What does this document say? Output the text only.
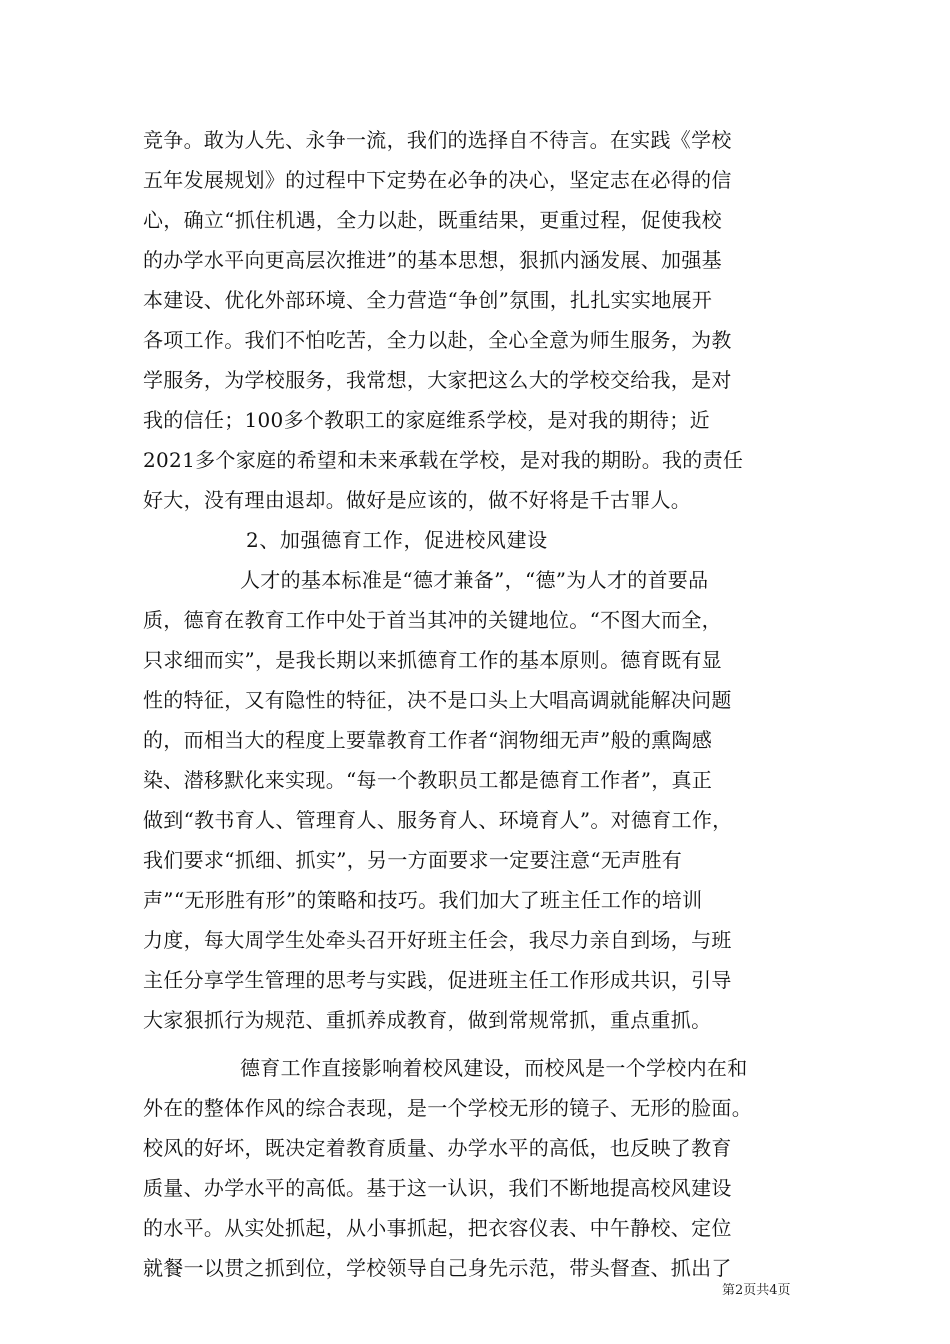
竞争。敢为人先、永争一流，我们的选择自不待言。在实践《学校
五年发展规划》的过程中下定势在必争的决心，坚定志在必得的信
心，确立“抓住机遇，全力以赴，既重结果，更重过程，促使我校
的办学水平向更高层次推进”的基本思想，狠抓内涵发展、加强基
本建设、优化外部环境、全力营造“争创”氛围，扎扎实实地展开
各项工作。我们不怕吃苦，全力以赴，全心全意为师生服务，为教
学服务，为学校服务，我常想，大家把这么大的学校交给我，是对
我的信任；100多个教职工的家庭维系学校，是对我的期待；近
2021多个家庭的希望和未来承载在学校，是对我的期盼。我的责任
好大，没有理由退却。做好是应该的，做不好将是千古罪人。
2、加强德育工作，促进校风建设
人才的基本标准是“德才兼备”，“德”为人才的首要品
质，德育在教育工作中处于首当其冲的关键地位。“不图大而全，
只求细而实”，是我长期以来抓德育工作的基本原则。德育既有显
性的特征，又有隐性的特征，决不是口头上大唱高调就能解决问题
的，而相当大的程度上要靠教育工作者“润物细无声”般的熏陶感
染、潜移默化来实现。“每一个教职员工都是德育工作者”，真正
做到“教书育人、管理育人、服务育人、环境育人”。对德育工作，
我们要求“抓细、抓实”，另一方面要求一定要注意“无声胜有
声”“无形胜有形”的策略和技巧。我们加大了班主任工作的培训
力度，每大周学生处牵头召开好班主任会，我尽力亲自到场，与班
主任分享学生管理的思考与实践，促进班主任工作形成共识，引导
大家狠抓行为规范、重抓养成教育，做到常规常抓，重点重抓。
德育工作直接影响着校风建设，而校风是一个学校内在和
外在的整体作风的综合表现，是一个学校无形的镜子、无形的脸面。
校风的好坏，既决定着教育质量、办学水平的高低，也反映了教育
质量、办学水平的高低。基于这一认识，我们不断地提高校风建设
的水平。从实处抓起，从小事抓起，把衣容仪表、中午静校、定位
就餐一以贯之抓到位，学校领导自己身先示范，带头督查、抓出了
第2页共4页
